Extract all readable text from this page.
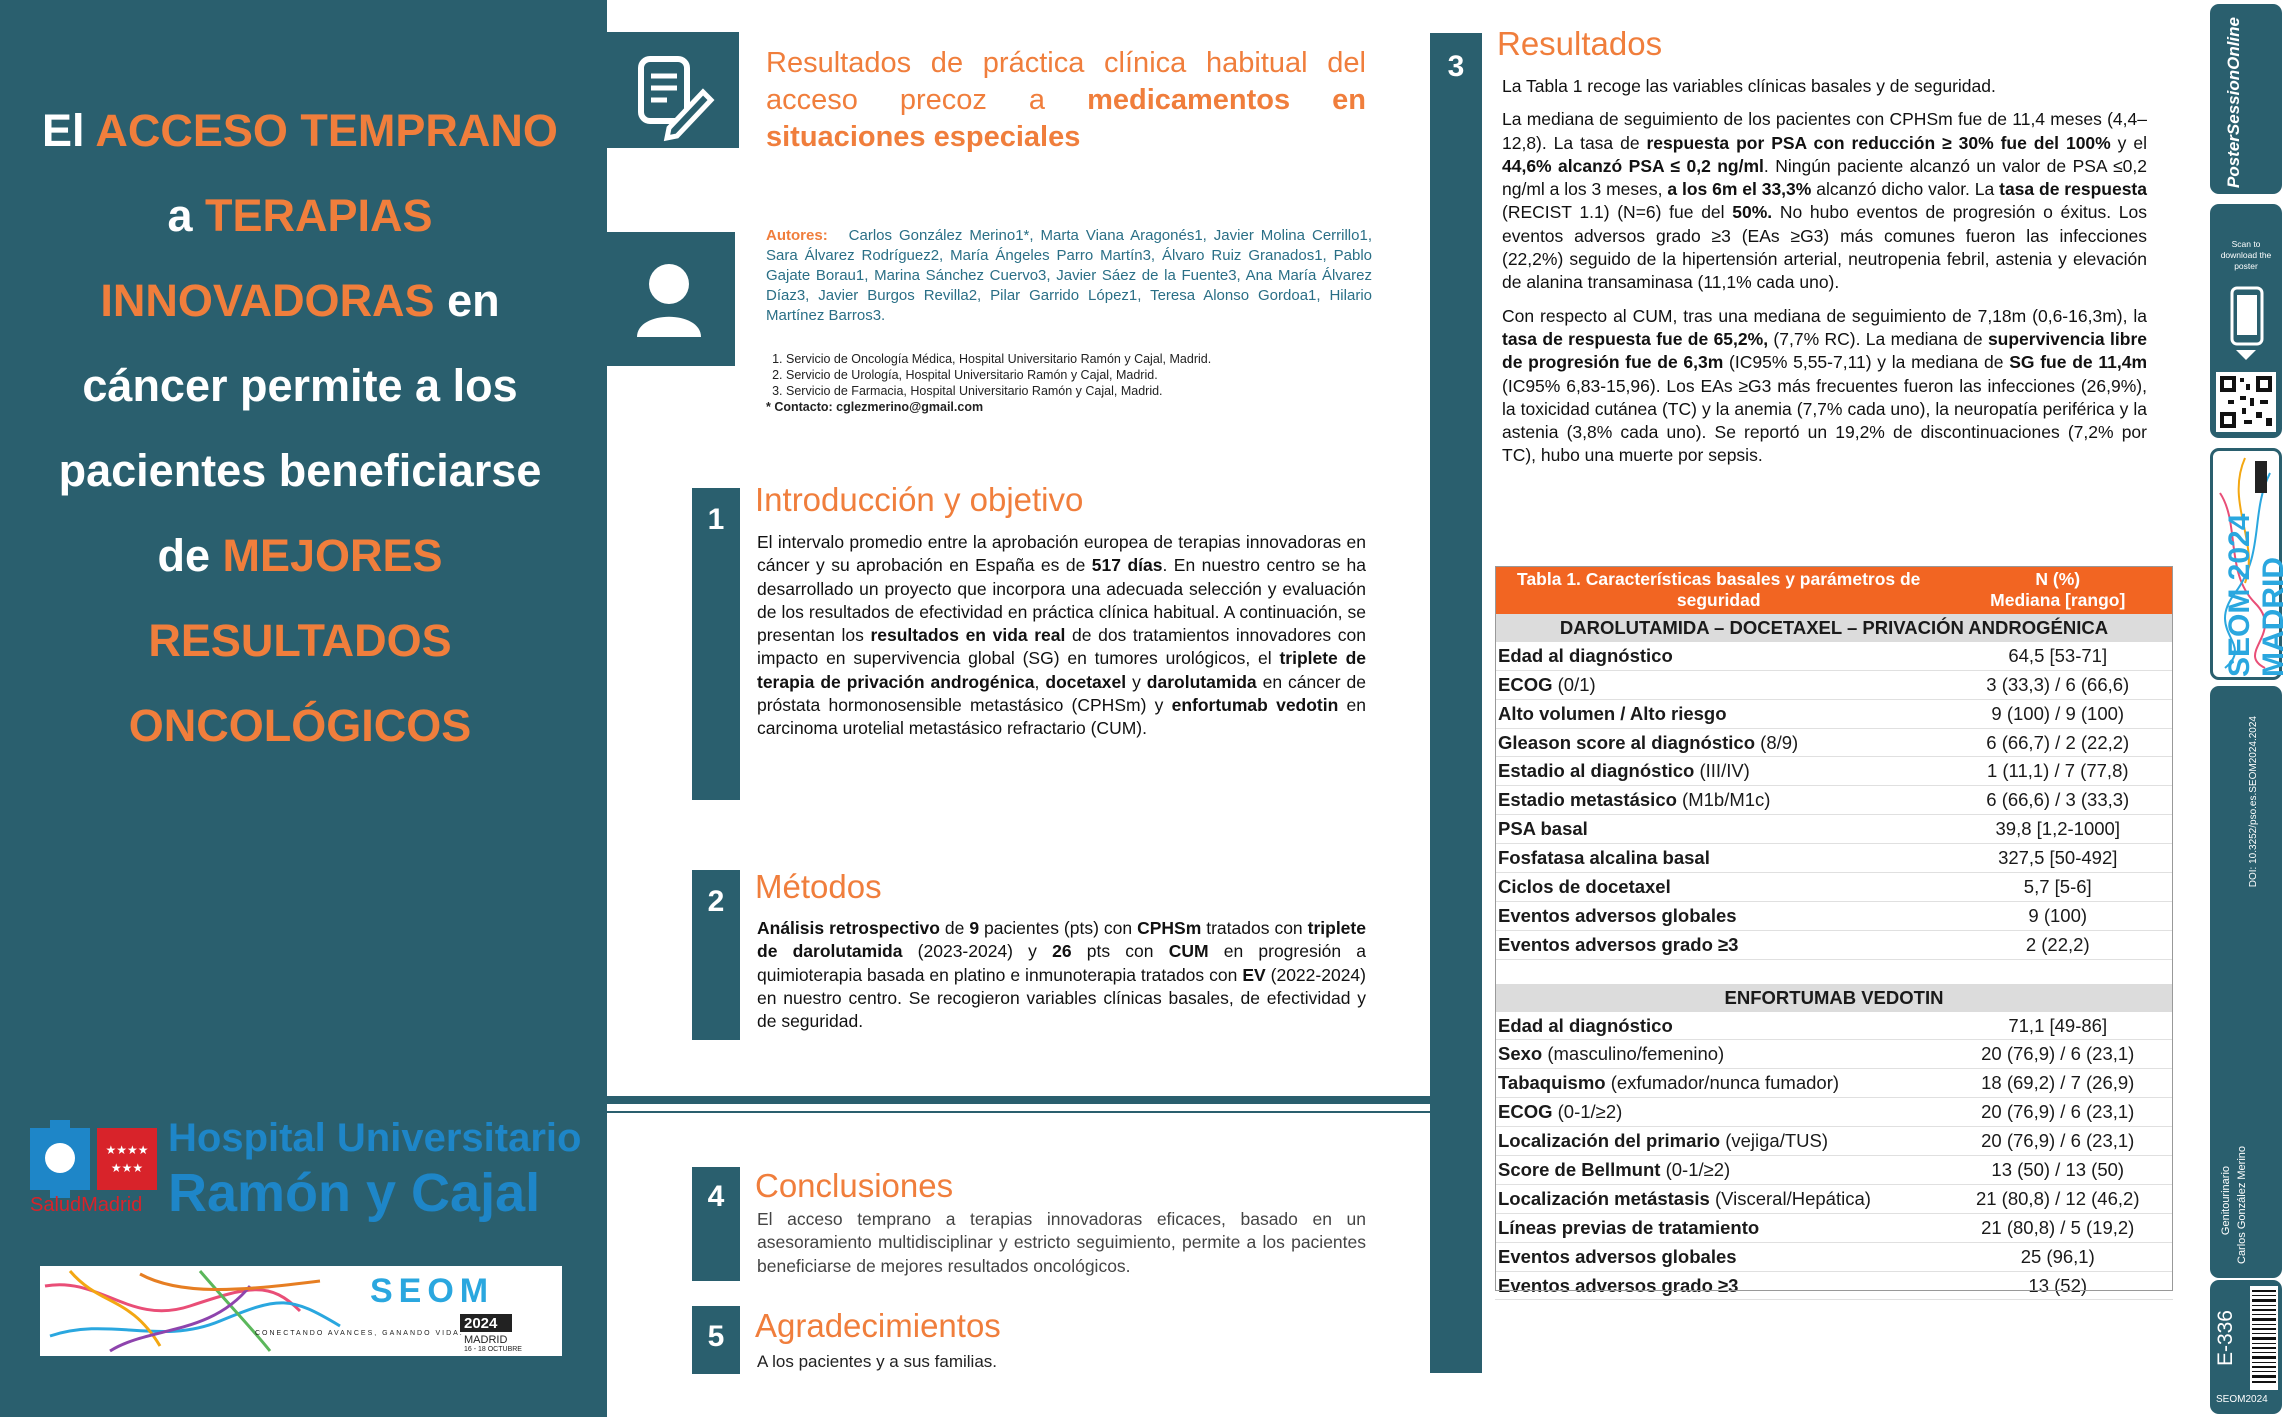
El ACCESO TEMPRANO
a TERAPIAS
INNOVADORAS en
cáncer permite a los
pacientes beneficiarse
de MEJORES
RESULTADOS
ONCOLÓGICOS
★★★★
★★★
SaludMadrid
Hospital Universitario
Ramón y Cajal
SEOM
2024
MADRID
16 - 18 OCTUBRE
CONECTANDO AVANCES, GANANDO VIDA.
Resultados de práctica clínica habitual del acceso precoz a medicamentos en situaciones especiales
Autores: Carlos González Merino1*, Marta Viana Aragonés1, Javier Molina Cerrillo1, Sara Álvarez Rodríguez2, María Ángeles Parro Martín3, Álvaro Ruiz Granados1, Pablo Gajate Borau1, Marina Sánchez Cuervo3, Javier Sáez de la Fuente3, Ana María Álvarez Díaz3, Javier Burgos Revilla2, Pilar Garrido López1, Teresa Alonso Gordoa1, Hilario Martínez Barros3.
1. Servicio de Oncología Médica, Hospital Universitario Ramón y Cajal, Madrid.
2. Servicio de Urología, Hospital Universitario Ramón y Cajal, Madrid.
3. Servicio de Farmacia, Hospital Universitario Ramón y Cajal, Madrid.
* Contacto: cglezmerino@gmail.com
1
Introducción y objetivo
El intervalo promedio entre la aprobación europea de terapias innovadoras en cáncer y su aprobación en España es de 517 días. En nuestro centro se ha desarrollado un proyecto que incorpora una adecuada selección y evaluación de los resultados de efectividad en práctica clínica habitual. A continuación, se presentan los resultados en vida real de dos tratamientos innovadores con impacto en supervivencia global (SG) en tumores urológicos, el triplete de terapia de privación androgénica, docetaxel y darolutamida en cáncer de próstata hormonosensible metastásico (CPHSm) y enfortumab vedotin en carcinoma urotelial metastásico refractario (CUM).
2 Métodos
Análisis retrospectivo de 9 pacientes (pts) con CPHSm tratados con triplete de darolutamida (2023-2024) y 26 pts con CUM en progresión a quimioterapia basada en platino e inmunoterapia tratados con EV (2022-2024) en nuestro centro. Se recogieron variables clínicas basales, de efectividad y de seguridad.
4 Conclusiones
El acceso temprano a terapias innovadoras eficaces, basado en un asesoramiento multidisciplinar y estricto seguimiento, permite a los pacientes beneficiarse de mejores resultados oncológicos.
5 Agradecimientos
A los pacientes y a sus familias.
3
Resultados

La Tabla 1 recoge las variables clínicas basales y de seguridad.

La mediana de seguimiento de los pacientes con CPHSm fue de 11,4 meses (4,4–12,8). La tasa de respuesta por PSA con reducción ≥ 30% fue del 100% y el 44,6% alcanzó PSA ≤ 0,2 ng/ml. Ningún paciente alcanzó un valor de PSA ≤0,2 ng/ml a los 3 meses, a los 6m el 33,3% alcanzó dicho valor. La tasa de respuesta (RECIST 1.1) (N=6) fue del 50%. No hubo eventos de progresión o éxitus. Los eventos adversos grado ≥3 (EAs ≥G3) más comunes fueron las infecciones (22,2%) seguido de la hipertensión arterial, neutropenia febril, astenia y elevación de alanina transaminasa (11,1% cada uno).

Con respecto al CUM, tras una mediana de seguimiento de 7,18m (0,6-16,3m), la tasa de respuesta fue de 65,2%, (7,7% RC). La mediana de supervivencia libre de progresión fue de 6,3m (IC95% 5,55-7,11) y la mediana de SG fue de 11,4m (IC95% 6,83-15,96). Los EAs ≥G3 más frecuentes fueron las infecciones (26,9%), la toxicidad cutánea (TC) y la anemia (7,7% cada uno), la neuropatía periférica y la astenia (3,8% cada uno). Se reportó un 19,2% de discontinuaciones (7,2% por TC), hubo una muerte por sepsis.

Tabla 1. Características basales y parámetros de seguridad	N (%)
Mediana [rango]

DAROLUTAMIDA – DOCETAXEL – PRIVACIÓN ANDROGÉNICA	
Edad al diagnóstico	64,5 [53-71]
ECOG (0/1)	3 (33,3) / 6 (66,6)
Alto volumen / Alto riesgo	9 (100) / 9 (100)
Gleason score al diagnóstico (8/9)	6 (66,7) / 2 (22,2)
Estadio al diagnóstico (III/IV)	1 (11,1) / 7 (77,8)
Estadio metastásico (M1b/M1c)	6 (66,6) / 3 (33,3)
PSA basal	39,8 [1,2-1000]
Fosfatasa alcalina basal	327,5 [50-492]
Ciclos de docetaxel	5,7 [5-6]
Eventos adversos globales	9 (100)
Eventos adversos grado ≥3	2 (22,2)

ENFORTUMAB VEDOTIN	
Edad al diagnóstico	71,1 [49-86]
Sexo (masculino/femenino)	20 (76,9) / 6 (23,1)
Tabaquismo (exfumador/nunca fumador)	18 (69,2) / 7 (26,9)
ECOG (0-1/≥2)	20 (76,9) / 6 (23,1)
Localización del primario (vejiga/TUS)	20 (76,9) / 6 (23,1)
Score de Bellmunt (0-1/≥2)	13 (50) / 13 (50)
Localización metástasis (Visceral/Hepática)	21 (80,8) / 12 (46,2)
Líneas previas de tratamiento	21 (80,8) / 5 (19,2)
Eventos adversos globales	25 (96,1)
Eventos adversos grado ≥3	13 (52)
PosterSessionOnline
Scan to download the poster
SEOM 2024 MADRID
DOI: 10.3252/pso.es.SEOM2024.2024
Genitourinario Carlos González Merino
E-336
SEOM2024
